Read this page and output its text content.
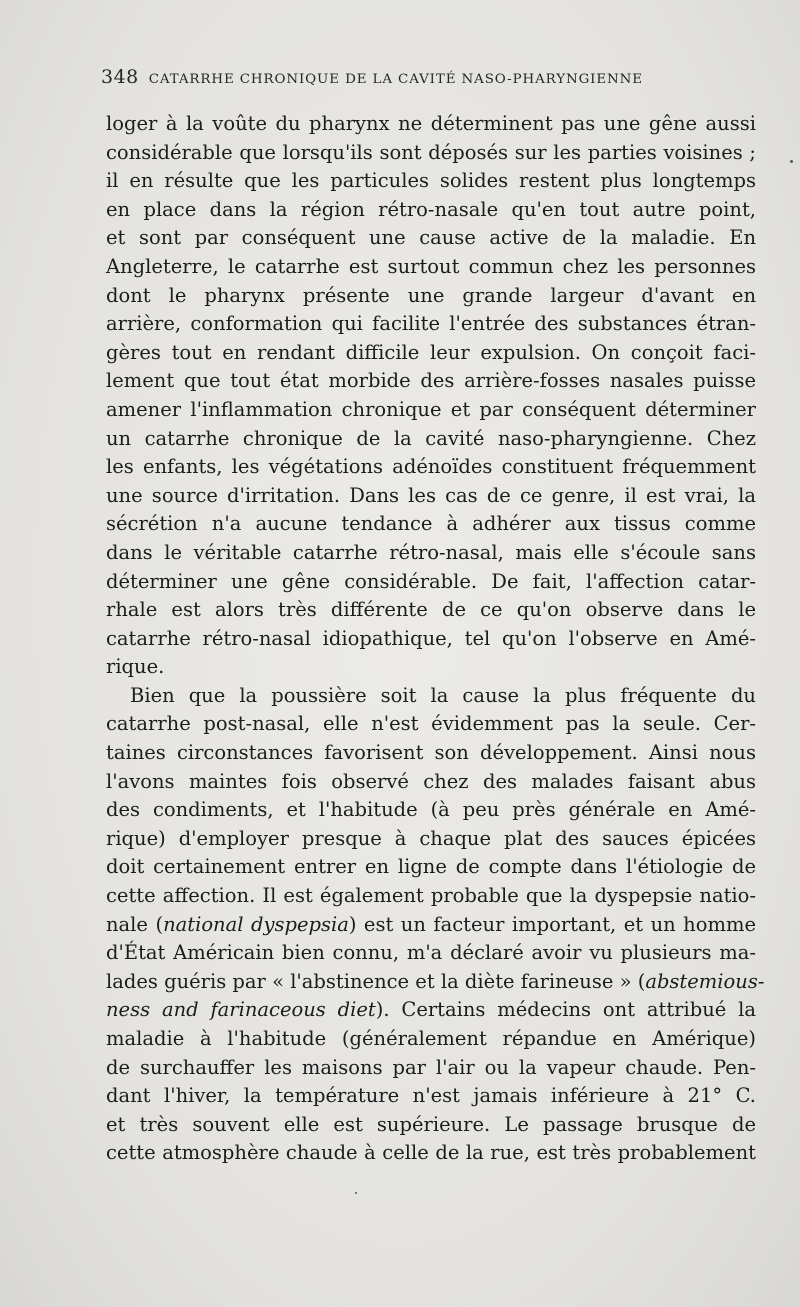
348 CATARRHE CHRONIQUE DE LA CAVITÉ NASO-PHARYNGIENNE
loger à la voûte du pharynx ne déterminent pas une gêne aussi
considérable que lorsqu'ils sont déposés sur les parties voisines ;
il en résulte que les particules solides restent plus longtemps
en place dans la région rétro-nasale qu'en tout autre point,
et sont par conséquent une cause active de la maladie. En
Angleterre, le catarrhe est surtout commun chez les personnes
dont le pharynx présente une grande largeur d'avant en
arrière, conformation qui facilite l'entrée des substances étran-
gères tout en rendant difficile leur expulsion. On conçoit faci-
lement que tout état morbide des arrière-fosses nasales puisse
amener l'inflammation chronique et par conséquent déterminer
un catarrhe chronique de la cavité naso-pharyngienne. Chez
les enfants, les végétations adénoïdes constituent fréquemment
une source d'irritation. Dans les cas de ce genre, il est vrai, la
sécrétion n'a aucune tendance à adhérer aux tissus comme
dans le véritable catarrhe rétro-nasal, mais elle s'écoule sans
déterminer une gêne considérable. De fait, l'affection catar-
rhale est alors très différente de ce qu'on observe dans le
catarrhe rétro-nasal idiopathique, tel qu'on l'observe en Amé-
rique.
Bien que la poussière soit la cause la plus fréquente du
catarrhe post-nasal, elle n'est évidemment pas la seule. Cer-
taines circonstances favorisent son développement. Ainsi nous
l'avons maintes fois observé chez des malades faisant abus
des condiments, et l'habitude (à peu près générale en Amé-
rique) d'employer presque à chaque plat des sauces épicées
doit certainement entrer en ligne de compte dans l'étiologie de
cette affection. Il est également probable que la dyspepsie natio-
nale (national dyspepsia) est un facteur important, et un homme
d'État Américain bien connu, m'a déclaré avoir vu plusieurs ma-
lades guéris par « l'abstinence et la diète farineuse » (abstemious-
ness and farinaceous diet). Certains médecins ont attribué la
maladie à l'habitude (généralement répandue en Amérique)
de surchauffer les maisons par l'air ou la vapeur chaude. Pen-
dant l'hiver, la température n'est jamais inférieure à 21° C.
et très souvent elle est supérieure. Le passage brusque de
cette atmosphère chaude à celle de la rue, est très probablement
